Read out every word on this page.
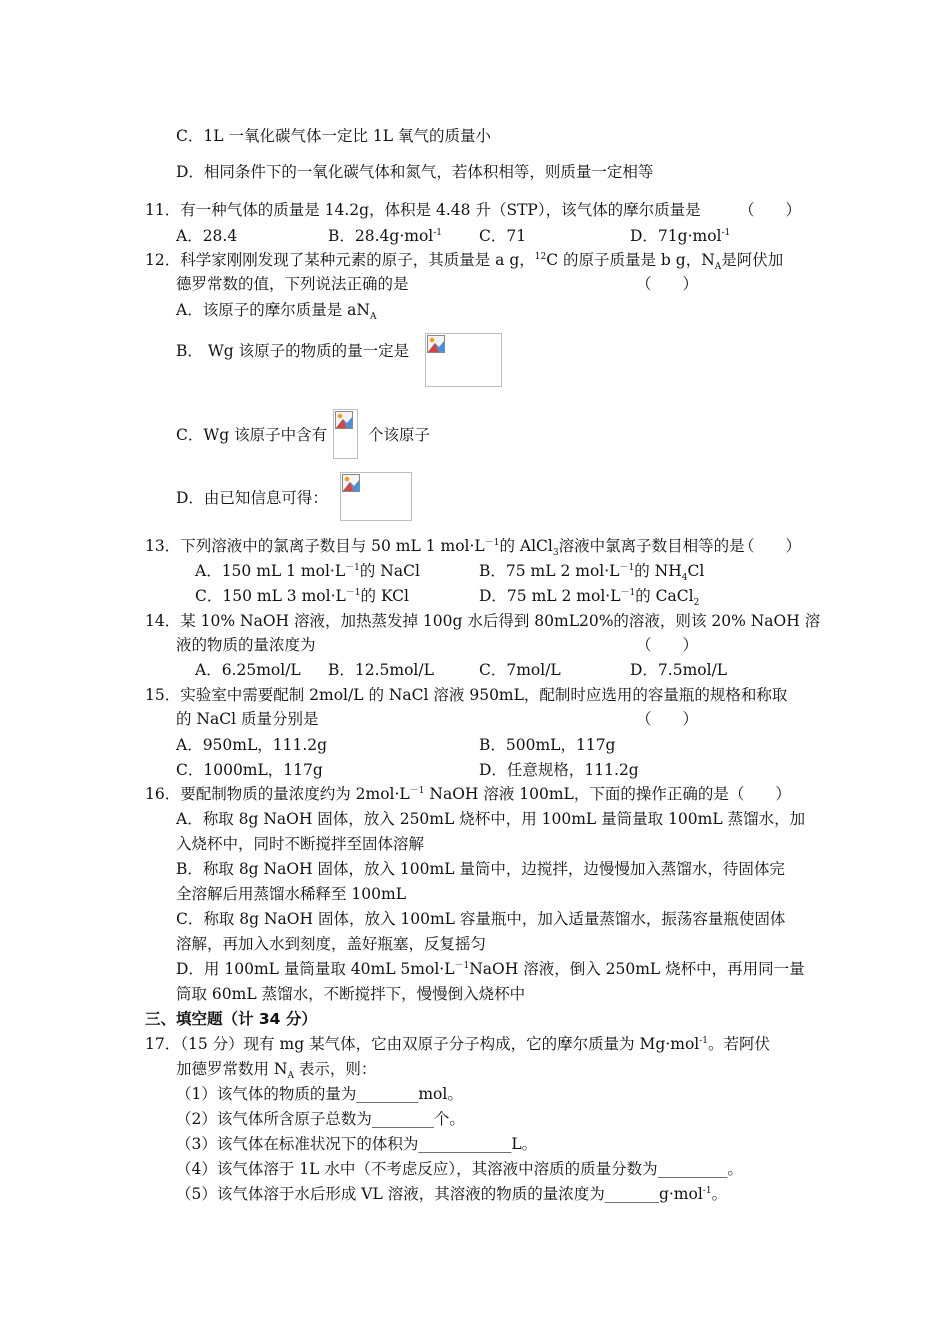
C．1L 一氧化碳气体一定比 1L 氧气的质量小
D．相同条件下的一氧化碳气体和氮气，若体积相等，则质量一定相等
11．有一种气体的质量是 14.2g，体积是 4.48 升（STP），该气体的摩尔质量是 （　　）
A．28.4	B．28.4g·mol$^{-1}$ C．71	D．71g·mol$^{-1}$
12．科学家刚刚发现了某种元素的原子，其质量是 a g，$^{12}$C 的原子质量是 b g，$N_A$是阿伏加
德罗常数的值，下列说法正确的是	（　　）
A．该原子的摩尔质量是 $aN_A$
B． Wg 该原子的物质的量一定是
C．Wg 该原子中含有	个该原子
D．由已知信息可得：
13．下列溶液中的氯离子数目与 50 mL 1 $mol\cdot L^{-1}$的 AlCl$_3$溶液中氯离子数目相等的是
（　　）
A．150 mL 1 $mol\cdot L^{-1}$的 NaCl	B．75 mL 2 $mol\cdot L^{-1}$的 $NH_4Cl$
C．150 mL 3 $mol\cdot L^{-1}$的 KCl	D．75 mL 2 $mol\cdot L^{-1}$的 CaCl$_2$
14．某 10% NaOH 溶液，加热蒸发掉 100g 水后得到 80mL20%的溶液，则该 20% NaOH 溶
液的物质的量浓度为	（　　）
A．6.25mol/L B．12.5mol/L	C．7mol/L	D．7.5mol/L
15．实验室中需要配制 2mol/L 的 NaCl 溶液 950mL，配制时应选用的容量瓶的规格和称取
的 NaCl 质量分别是	（　　）
A．950mL，111.2g	B．500mL，117g
C．1000mL，117g	D．任意规格，111.2g
16．要配制物质的量浓度约为 $2mol\cdot L^{-1}$ NaOH 溶液 100mL，下面的操作正确的是（　　）
A．称取 8g NaOH 固体，放入 250mL 烧杯中，用 100mL 量筒量取 100mL 蒸馏水，加
入烧杯中，同时不断搅拌至固体溶解
B．称取 8g NaOH 固体，放入 100mL 量筒中，边搅拌，边慢慢加入蒸馏水，待固体完
全溶解后用蒸馏水稀释至 100mL
C．称取 8g NaOH 固体，放入 100mL 容量瓶中，加入适量蒸馏水，振荡容量瓶使固体
溶解，再加入水到刻度，盖好瓶塞，反复摇匀
D．用 100mL 量筒量取 40mL $5mol\cdot L^{-1}NaOH$ 溶液，倒入 250mL 烧杯中，再用同一量
筒取 60mL 蒸馏水，不断搅拌下，慢慢倒入烧杯中
三、填空题（计 34 分）
17．（15 分）现有 mg 某气体，它由双原子分子构成，它的摩尔质量为 Mg·mol$^{-1}$。若阿伏
加德罗常数用 $N_A$ 表示，则：
（1）该气体的物质的量为________mol。
（2）该气体所含原子总数为________个。
（3）该气体在标准状况下的体积为____________L。
（4）该气体溶于 1L 水中（不考虑反应），其溶液中溶质的质量分数为_________。
（5）该气体溶于水后形成 VL 溶液，其溶液的物质的量浓度为_______g·mol$^{-1}$。
